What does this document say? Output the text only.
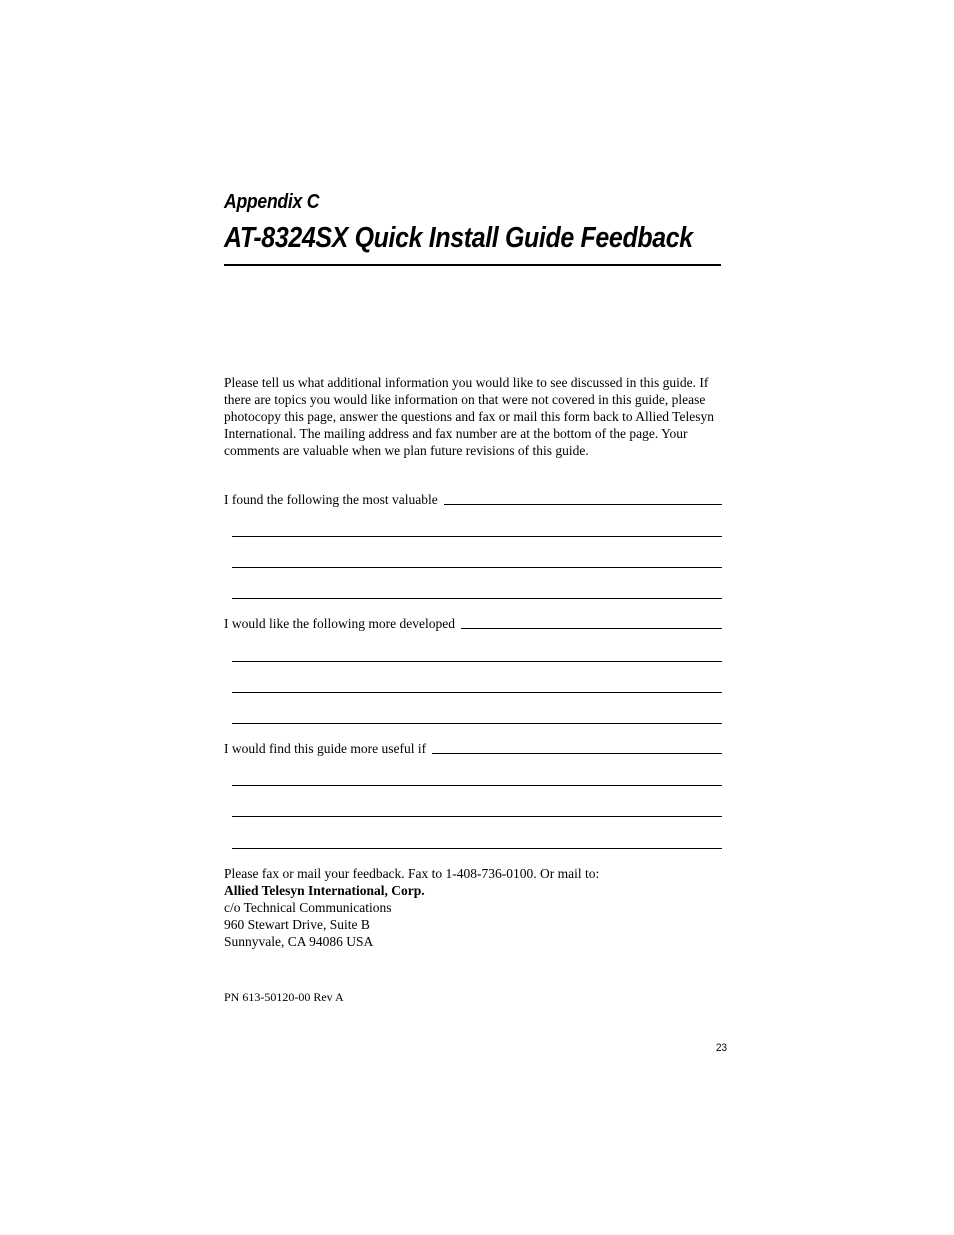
Appendix C
AT-8324SX Quick Install Guide Feedback

Please tell us what additional information you would like to see discussed in this guide. If there are topics you would like information on that were not covered in this guide, please photocopy this page, answer the questions and fax or mail this form back to Allied Telesyn International. The mailing address and fax number are at the bottom of the page. Your comments are valuable when we plan future revisions of this guide.

I found the following the most valuable
I would like the following more developed
I would find this guide more useful if
Please fax or mail your feedback. Fax to 1-408-736-0100. Or mail to:
Allied Telesyn International, Corp.
c/o Technical Communications
960 Stewart Drive, Suite B
Sunnyvale, CA 94086 USA
PN 613-50120-00 Rev A
23
